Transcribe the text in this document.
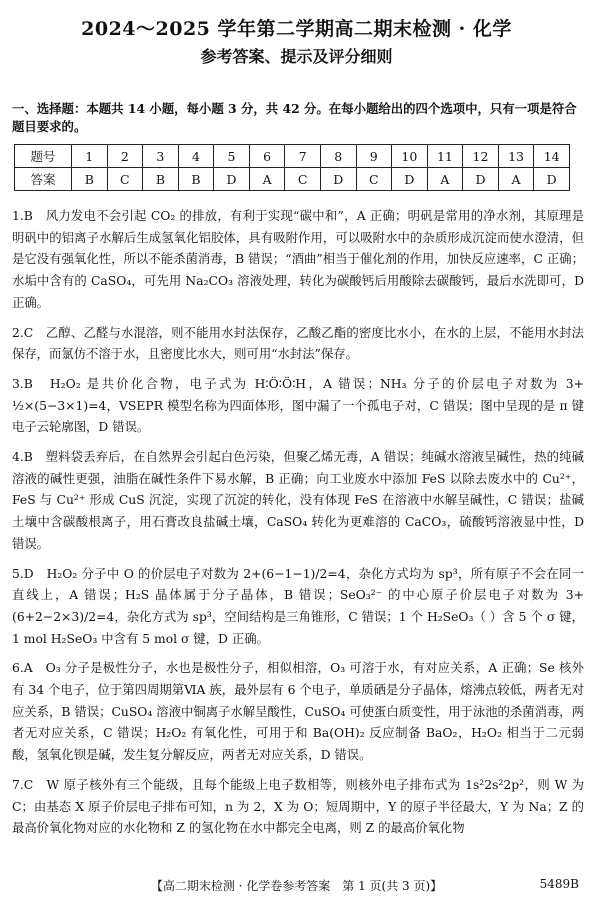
2024～2025 学年第二学期高二期末检测 · 化学
参考答案、提示及评分细则
一、选择题：本题共 14 小题，每小题 3 分，共 42 分。在每小题给出的四个选项中，只有一项是符合题目要求的。
题号	1	2	3	4	5	6	7	8	9	10	11	12	13	14
答案	B	C	B	B	D	A	C	D	C	D	A	D	A	D
1.B　风力发电不会引起 CO₂ 的排放，有利于实现“碳中和”，A 正确；明矾是常用的净水剂，其原理是明矾中的铝离子水解后生成氢氧化铝胶体，具有吸附作用，可以吸附水中的杂质形成沉淀而使水澄清，但是它没有强氧化性，所以不能杀菌消毒，B 错误；“酒曲”相当于催化剂的作用，加快反应速率，C 正确；水垢中含有的 CaSO₄，可先用 Na₂CO₃ 溶液处理，转化为碳酸钙后用酸除去碳酸钙，最后水洗即可，D 正确。
2.C　乙醇、乙醛与水混溶，则不能用水封法保存，乙酸乙酯的密度比水小，在水的上层，不能用水封法保存，而氯仿不溶于水，且密度比水大，则可用“水封法”保存。
3.B　H₂O₂ 是共价化合物，电子式为 H∶Ö∶Ö∶H，A 错误；NH₃ 分子的价层电子对数为 3+ ½×(5−3×1)=4，VSEPR 模型名称为四面体形，图中漏了一个孤电子对，C 错误；图中呈现的是 π 键电子云轮廓图，D 错误。
4.B　塑料袋丢弃后，在自然界会引起白色污染，但聚乙烯无毒，A 错误；纯碱水溶液呈碱性，热的纯碱溶液的碱性更强，油脂在碱性条件下易水解，B 正确；向工业废水中添加 FeS 以除去废水中的 Cu²⁺，FeS 与 Cu²⁺ 形成 CuS 沉淀，实现了沉淀的转化，没有体现 FeS 在溶液中水解呈碱性，C 错误；盐碱土壤中含碳酸根离子，用石膏改良盐碱土壤，CaSO₄ 转化为更难溶的 CaCO₃，硫酸钙溶液显中性，D 错误。
5.D　H₂O₂ 分子中 O 的价层电子对数为 2+(6−1−1)/2=4，杂化方式均为 sp³，所有原子不会在同一直线上，A 错误；H₂S 晶体属于分子晶体，B 错误；SeO₃²⁻ 的中心原子价层电子对数为 3+(6+2−2×3)/2=4，杂化方式为 sp³，空间结构是三角锥形，C 错误；1 个 H₂SeO₃（ ）含 5 个 σ 键，1 mol H₂SeO₃ 中含有 5 mol σ 键，D 正确。
6.A　O₃ 分子是极性分子，水也是极性分子，相似相溶，O₃ 可溶于水，有对应关系，A 正确；Se 核外有 34 个电子，位于第四周期第ⅥA 族，最外层有 6 个电子，单质硒是分子晶体，熔沸点较低，两者无对应关系，B 错误；CuSO₄ 溶液中铜离子水解呈酸性，CuSO₄ 可使蛋白质变性，用于泳池的杀菌消毒，两者无对应关系，C 错误；H₂O₂ 有氧化性，可用于和 Ba(OH)₂ 反应制备 BaO₂，H₂O₂ 相当于二元弱酸，氢氧化钡是碱，发生复分解反应，两者无对应关系，D 错误。
7.C　W 原子核外有三个能级，且每个能级上电子数相等，则核外电子排布式为 1s²2s²2p²，则 W 为 C；由基态 X 原子价层电子排布可知，n 为 2，X 为 O；短周期中，Y 的原子半径最大，Y 为 Na；Z 的最高价氧化物对应的水化物和 Z 的氢化物在水中都完全电离，则 Z 的最高价氧化物
【高二期末检测 · 化学卷参考答案　第 1 页(共 3 页)】	5489B
